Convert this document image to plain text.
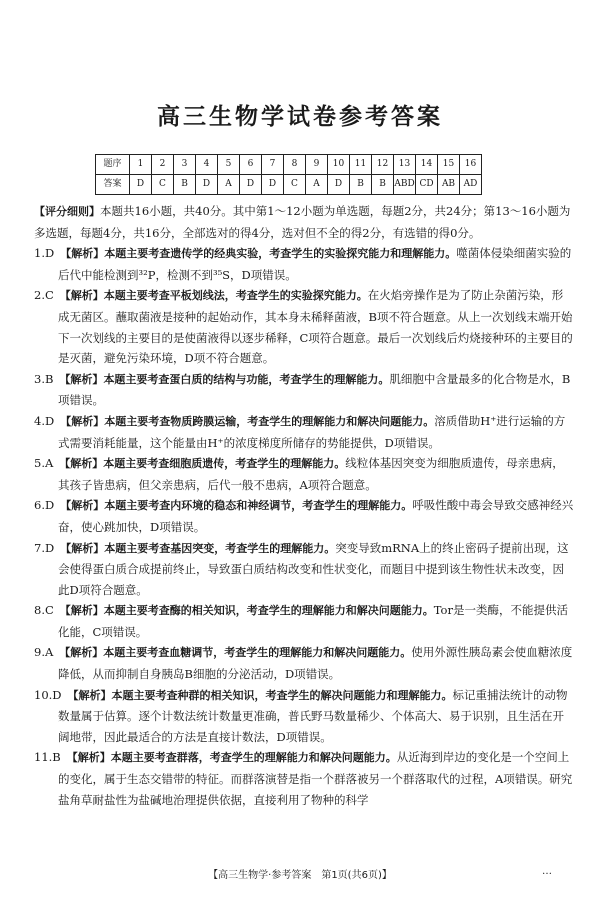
高三生物学试卷参考答案
题序	1	2	3	4	5	6	7	8	9	10	11	12	13	14	15	16
答案	D	C	B	D	A	D	D	C	A	D	B	B	ABD	CD	AB	AD

【评分细则】本题共16小题，共40分。其中第1～12小题为单选题，每题2分，共24分；第13～16小题为多选题，每题4分，共16分，全部选对的得4分，选对但不全的得2分，有选错的得0分。

1.D　 【解析】本题主要考查遗传学的经典实验，考查学生的实验探究能力和理解能力。噬菌体侵染细菌实验的后代中能检测到³²P，检测不到³⁵S，D项错误。

2.C　 【解析】本题主要考查平板划线法，考查学生的实验探究能力。在火焰旁操作是为了防止杂菌污染，形成无菌区。蘸取菌液是接种的起始动作，其本身未稀释菌液，B项不符合题意。从上一次划线末端开始下一次划线的主要目的是使菌液得以逐步稀释，C项符合题意。最后一次划线后灼烧接种环的主要目的是灭菌，避免污染环境，D项不符合题意。

3.B　 【解析】本题主要考查蛋白质的结构与功能，考查学生的理解能力。肌细胞中含量最多的化合物是水，B项错误。

4.D　 【解析】本题主要考查物质跨膜运输，考查学生的理解能力和解决问题能力。溶质借助H⁺进行运输的方式需要消耗能量，这个能量由H⁺的浓度梯度所储存的势能提供，D项错误。

5.A　 【解析】本题主要考查细胞质遗传，考查学生的理解能力。线粒体基因突变为细胞质遗传，母亲患病，其孩子皆患病，但父亲患病，后代一般不患病，A项符合题意。

6.D　 【解析】本题主要考查内环境的稳态和神经调节，考查学生的理解能力。呼吸性酸中毒会导致交感神经兴奋，使心跳加快，D项错误。

7.D　 【解析】本题主要考查基因突变，考查学生的理解能力。突变导致mRNA上的终止密码子提前出现，这会使得蛋白质合成提前终止，导致蛋白质结构改变和性状变化，而题目中提到该生物性状未改变，因此D项符合题意。

8.C　 【解析】本题主要考查酶的相关知识，考查学生的理解能力和解决问题能力。Tor是一类酶，不能提供活化能，C项错误。

9.A　 【解析】本题主要考查血糖调节，考查学生的理解能力和解决问题能力。使用外源性胰岛素会使血糖浓度降低，从而抑制自身胰岛B细胞的分泌活动，D项错误。

10.D　 【解析】本题主要考查种群的相关知识，考查学生的解决问题能力和理解能力。标记重捕法统计的动物数量属于估算。逐个计数法统计数量更准确，普氏野马数量稀少、个体高大、易于识别，且生活在开阔地带，因此最适合的方法是直接计数法，D项错误。

11.B　 【解析】本题主要考查群落，考查学生的理解能力和解决问题能力。从近海到岸边的变化是一个空间上的变化，属于生态交错带的特征。而群落演替是指一个群落被另一个群落取代的过程，A项错误。研究盐角草耐盐性为盐碱地治理提供依据，直接利用了物种的科学

【高三生物学·参考答案　第1页(共6页)】	…
